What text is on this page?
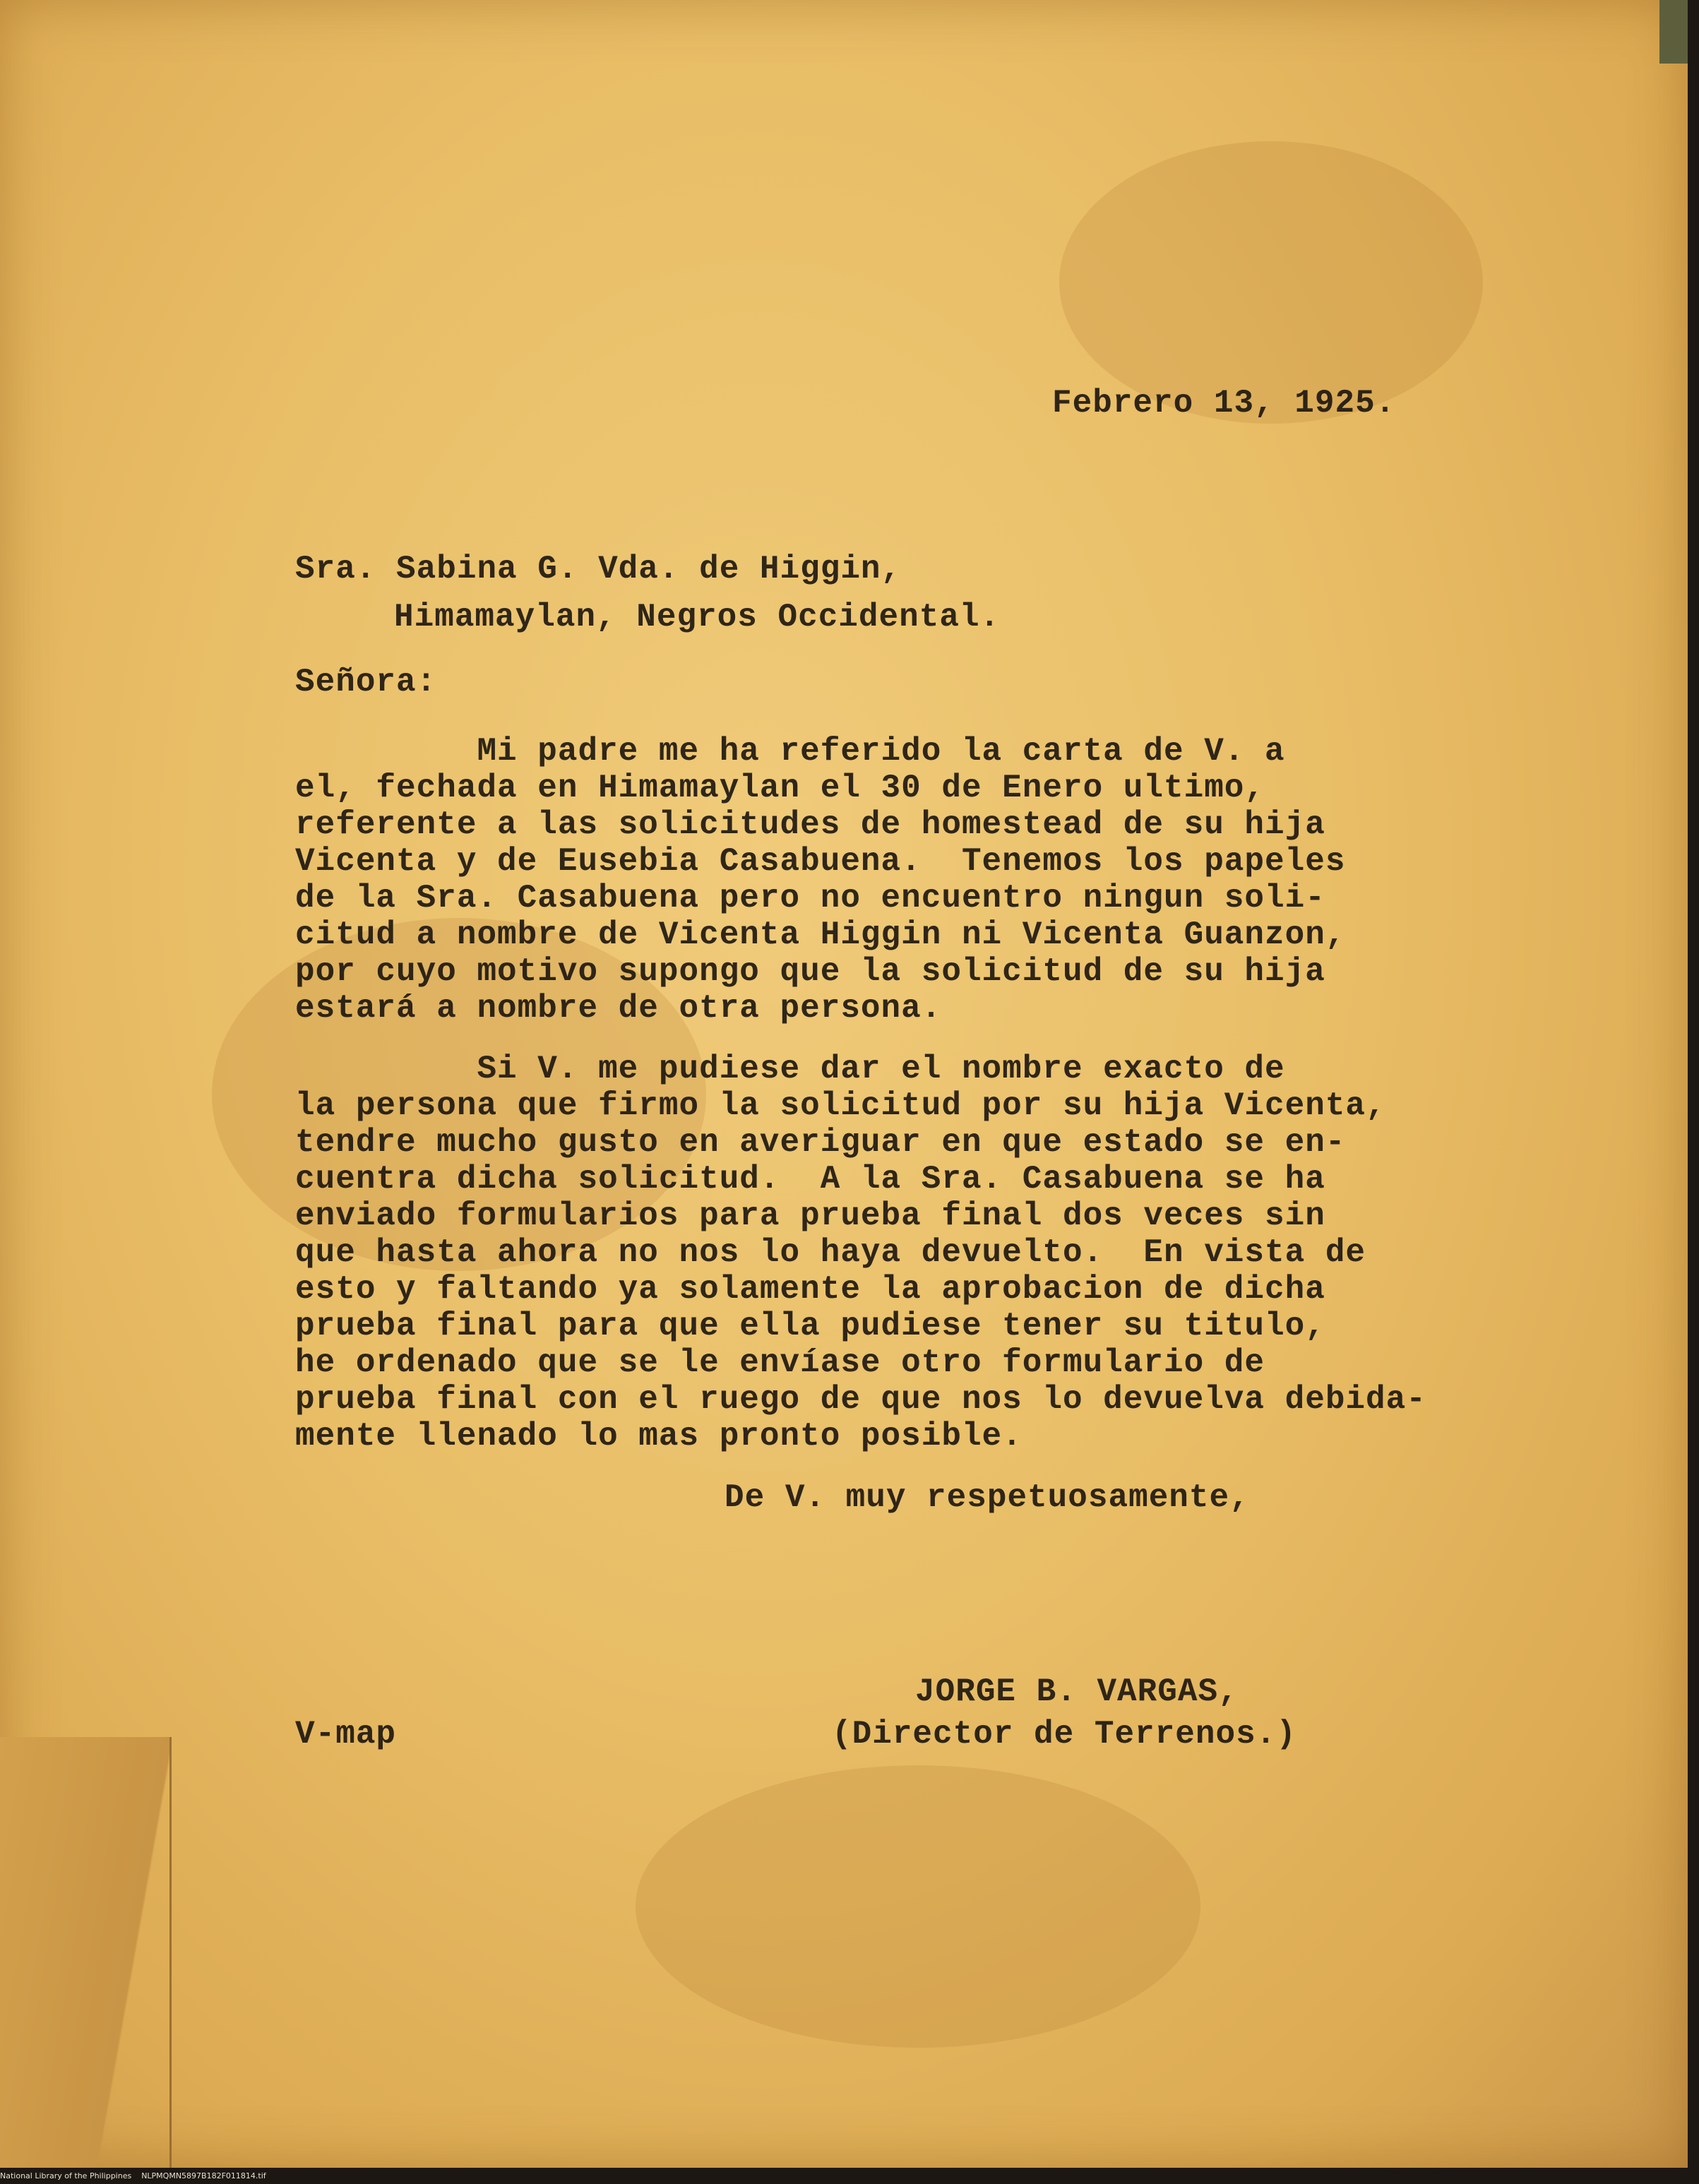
Febrero 13, 1925.

Sra. Sabina G. Vda. de Higgin,

Himamaylan, Negros Occidental.

Señora:

Mi padre me ha referido la carta de V. a
el, fechada en Himamaylan el 30 de Enero ultimo,
referente a las solicitudes de homestead de su hija
Vicenta y de Eusebia Casabuena.  Tenemos los papeles
de la Sra. Casabuena pero no encuentro ningun soli-
citud a nombre de Vicenta Higgin ni Vicenta Guanzon,
por cuyo motivo supongo que la solicitud de su hija
estará a nombre de otra persona.
Si V. me pudiese dar el nombre exacto de
la persona que firmo la solicitud por su hija Vicenta,
tendre mucho gusto en averiguar en que estado se en-
cuentra dicha solicitud.  A la Sra. Casabuena se ha
enviado formularios para prueba final dos veces sin
que hasta ahora no nos lo haya devuelto.  En vista de
esto y faltando ya solamente la aprobacion de dicha
prueba final para que ella pudiese tener su titulo,
he ordenado que se le envíase otro formulario de
prueba final con el ruego de que nos lo devuelva debida-
mente llenado lo mas pronto posible.

De V. muy respetuosamente,

JORGE B. VARGAS,

(Director de Terrenos.)

V-map

National Library of the Philippines    NLPMQMN5897B182F011814.tif
